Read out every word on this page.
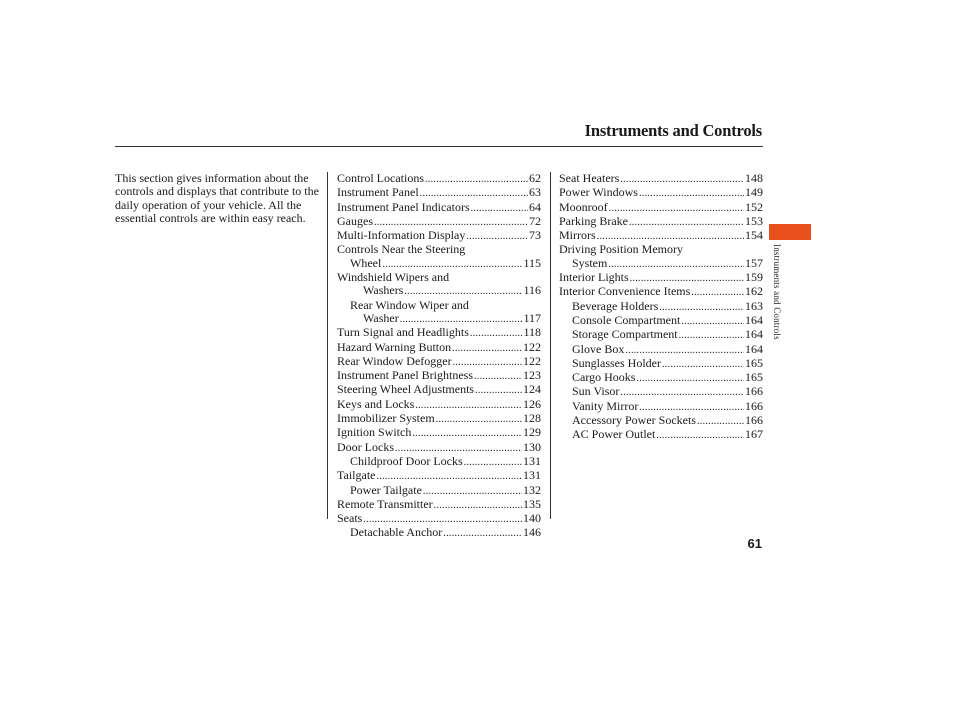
Instruments and Controls
This section gives information about the controls and displays that contribute to the daily operation of your vehicle. All the essential controls are within easy reach.
Control Locations .....	62
Instrument Panel .....	63
Instrument Panel Indicators .....	64
Gauges .....	72
Multi-Information Display .....	73
Controls Near the Steering
Wheel .....	115
Windshield Wipers and
Washers .....	116
Rear Window Wiper and
Washer .....	117
Turn Signal and Headlights .....	118
Hazard Warning Button .....	122
Rear Window Defogger .....	122
Instrument Panel Brightness .....	123
Steering Wheel Adjustments .....	124
Keys and Locks .....	126
Immobilizer System .....	128
Ignition Switch .....	129
Door Locks .....	130
Childproof Door Locks .....	131
Tailgate .....	131
Power Tailgate .....	132
Remote Transmitter .....	135
Seats .....	140
Detachable Anchor .....	146
Seat Heaters .....	148
Power Windows .....	149
Moonroof .....	152
Parking Brake .....	153
Mirrors .....	154
Driving Position Memory
System .....	157
Interior Lights .....	159
Interior Convenience Items .....	162
Beverage Holders .....	163
Console Compartment .....	164
Storage Compartment .....	164
Glove Box .....	164
Sunglasses Holder .....	165
Cargo Hooks .....	165
Sun Visor .....	166
Vanity Mirror .....	166
Accessory Power Sockets .....	166
AC Power Outlet .....	167
Instruments and Controls
61
